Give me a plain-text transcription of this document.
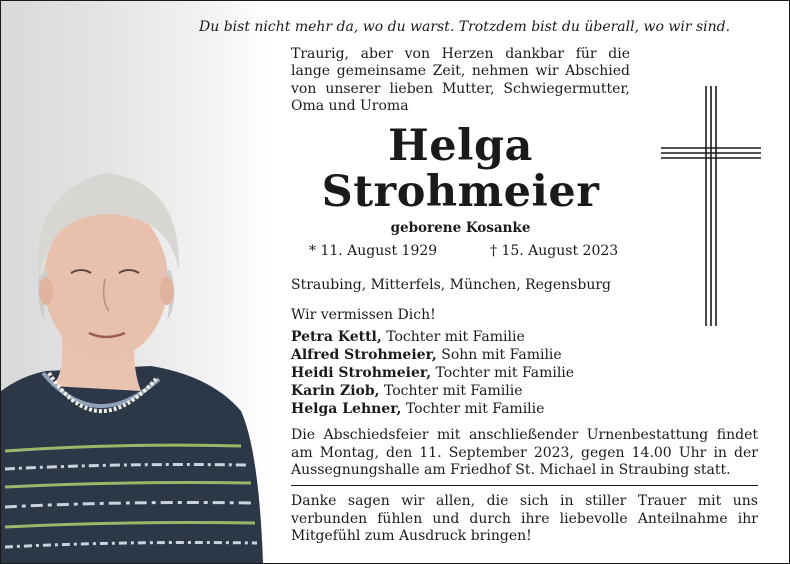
Du bist nicht mehr da, wo du warst. Trotzdem bist du überall, wo wir sind.
Traurig, aber von Herzen dankbar für die lange gemeinsame Zeit, nehmen wir Abschied von unserer lieben Mutter, Schwiegermutter, Oma und Uroma
Helga
Strohmeier
geborene Kosanke
* 11. August 1929	† 15. August 2023
Straubing, Mitterfels, München, Regensburg
Wir vermissen Dich!
Petra Kettl, Tochter mit Familie
Alfred Strohmeier, Sohn mit Familie
Heidi Strohmeier, Tochter mit Familie
Karin Ziob, Tochter mit Familie
Helga Lehner, Tochter mit Familie
Die Abschiedsfeier mit anschließender Urnenbestattung findet am Montag, den 11. September 2023, gegen 14.00 Uhr in der Aussegnungshalle am Friedhof St. Michael in Straubing statt.
Danke sagen wir allen, die sich in stiller Trauer mit uns verbunden fühlen und durch ihre liebevolle Anteilnahme ihr Mitgefühl zum Ausdruck bringen!
